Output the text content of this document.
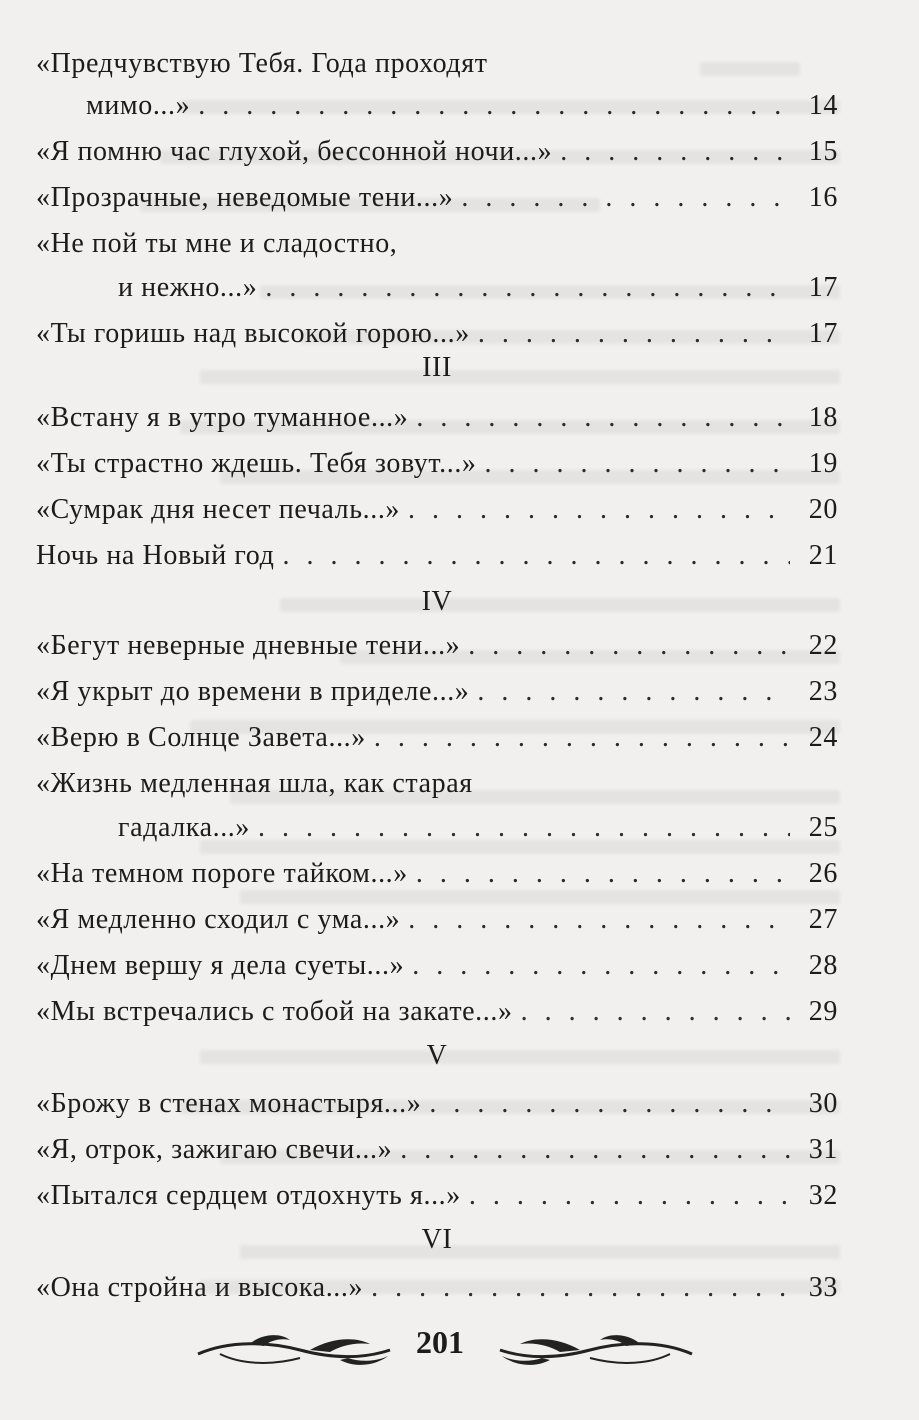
«Предчувствую Тебя. Года проходят
мимо...» . . .	14
«Я помню час глухой, бессонной ночи...» . . .	15
«Прозрачные, неведомые тени...» . . .	16
«Не пой ты мне и сладостно,
и нежно...» . . .	17
«Ты горишь над высокой горою...» . . .	17
III
«Встану я в утро туманное...» . . .	18
«Ты страстно ждешь. Тебя зовут...» . . .	19
«Сумрак дня несет печаль...» . . .	20
Ночь на Новый год . . .	21
IV
«Бегут неверные дневные тени...» . . .	22
«Я укрыт до времени в приделе...» . . .	23
«Верю в Солнце Завета...» . . .	24
«Жизнь медленная шла, как старая
гадалка...» . . .	25
«На темном пороге тайком...» . . .	26
«Я медленно сходил с ума...» . . .	27
«Днем вершу я дела суеты...» . . .	28
«Мы встречались с тобой на закате...» . . .	29
V
«Брожу в стенах монастыря...» . . .	30
«Я, отрок, зажигаю свечи...» . . .	31
«Пытался сердцем отдохнуть я...» . . .	32
VI
«Она стройна и высока...» . . .	33
201
